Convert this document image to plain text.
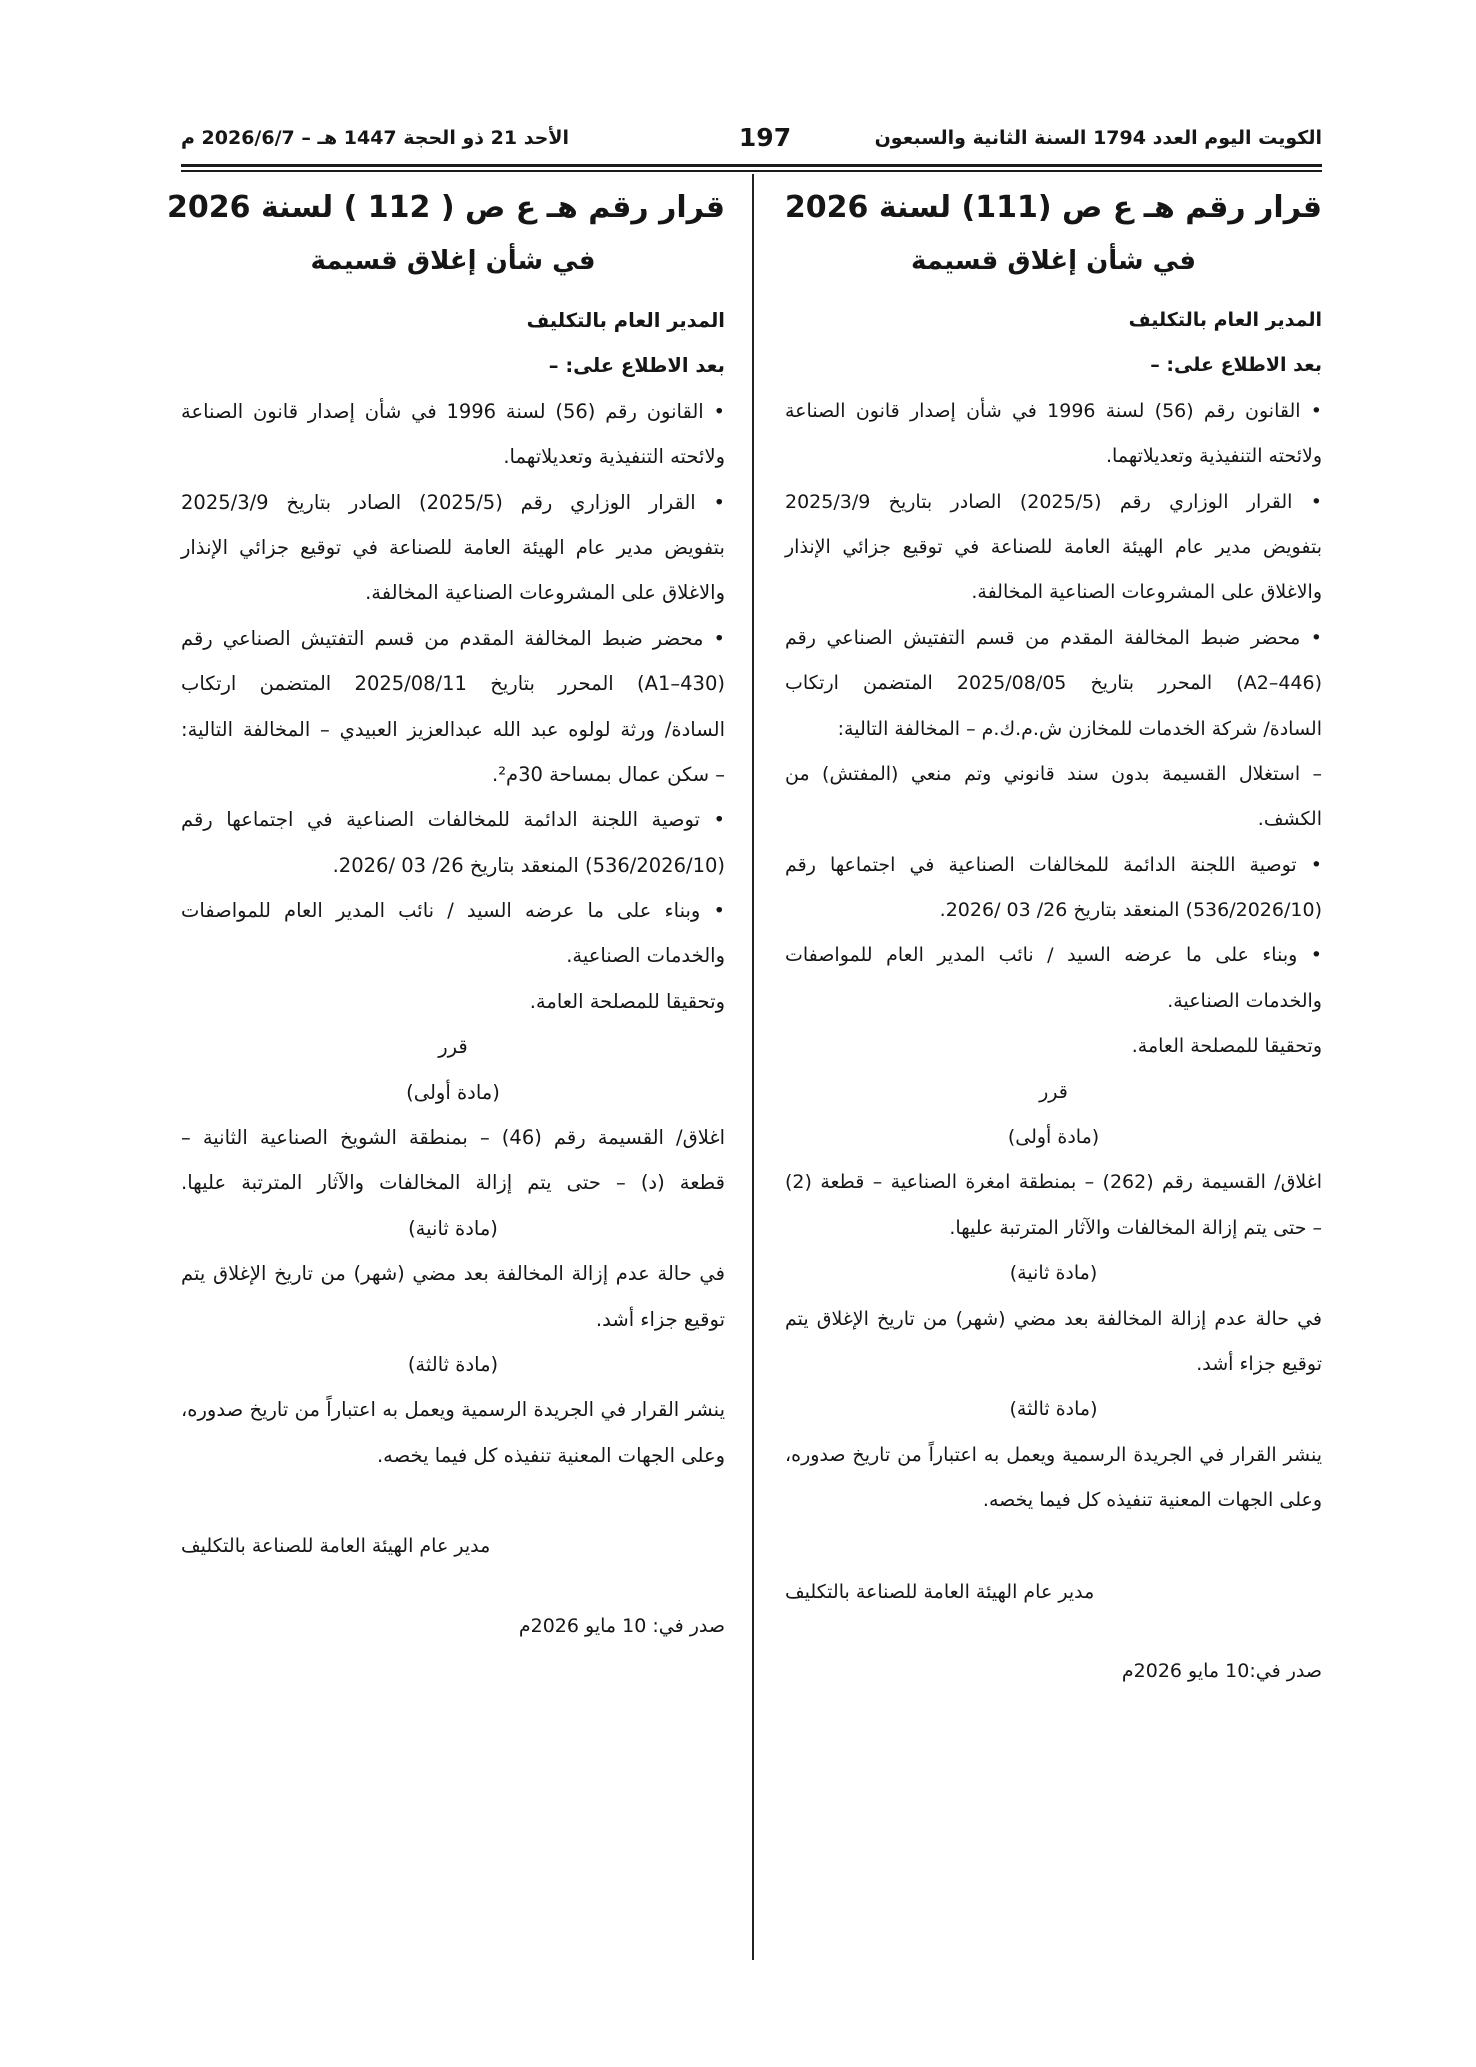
الكويت اليوم العدد 1794 السنة الثانية والسبعون
197
الأحد 21 ذو الحجة 1447 هـ – 2026/6/7 م
قرار رقم هـ ع ص (111) لسنة 2026
في شأن إغلاق قسيمة
المدير العام بالتكليف
بعد الاطلاع على: –
• القانون رقم (56) لسنة 1996 في شأن إصدار قانون الصناعة
ولائحته التنفيذية وتعديلاتهما.
• القرار الوزاري رقم (2025/5) الصادر بتاريخ 2025/3/9
بتفويض مدير عام الهيئة العامة للصناعة في توقيع جزائي الإنذار
والاغلاق على المشروعات الصناعية المخالفة.
• محضر ضبط المخالفة المقدم من قسم التفتيش الصناعي رقم
(A2–446) المحرر بتاريخ 2025/08/05 المتضمن ارتكاب
السادة/ شركة الخدمات للمخازن ش.م.ك.م – المخالفة التالية:
– استغلال القسيمة بدون سند قانوني وتم منعي (المفتش) من
الكشف.
• توصية اللجنة الدائمة للمخالفات الصناعية في اجتماعها رقم
(536/2026/10) المنعقد بتاريخ 26/ 03 /2026.
• وبناء على ما عرضه السيد / نائب المدير العام للمواصفات
والخدمات الصناعية.
وتحقيقا للمصلحة العامة.
قرر
(مادة أولى)
اغلاق/ القسيمة رقم (262) – بمنطقة امغرة الصناعية – قطعة (2)
– حتى يتم إزالة المخالفات والآثار المترتبة عليها.
(مادة ثانية)
في حالة عدم إزالة المخالفة بعد مضي (شهر) من تاريخ الإغلاق يتم
توقيع جزاء أشد.
(مادة ثالثة)
ينشر القرار في الجريدة الرسمية ويعمل به اعتباراً من تاريخ صدوره،
وعلى الجهات المعنية تنفيذه كل فيما يخصه.
مدير عام الهيئة العامة للصناعة بالتكليف
صدر في:10 مايو 2026م
قرار رقم هـ ع ص ( 112 ) لسنة 2026
في شأن إغلاق قسيمة
المدير العام بالتكليف
بعد الاطلاع على: –
• القانون رقم (56) لسنة 1996 في شأن إصدار قانون الصناعة
ولائحته التنفيذية وتعديلاتهما.
• القرار الوزاري رقم (2025/5) الصادر بتاريخ 2025/3/9
بتفويض مدير عام الهيئة العامة للصناعة في توقيع جزائي الإنذار
والاغلاق على المشروعات الصناعية المخالفة.
• محضر ضبط المخالفة المقدم من قسم التفتيش الصناعي رقم
(A1–430) المحرر بتاريخ 2025/08/11 المتضمن ارتكاب
السادة/ ورثة لولوه عبد الله عبدالعزيز العبيدي – المخالفة التالية:
– سكن عمال بمساحة 30م².
• توصية اللجنة الدائمة للمخالفات الصناعية في اجتماعها رقم
(536/2026/10) المنعقد بتاريخ 26/ 03 /2026.
• وبناء على ما عرضه السيد / نائب المدير العام للمواصفات
والخدمات الصناعية.
وتحقيقا للمصلحة العامة.
قرر
(مادة أولى)
اغلاق/ القسيمة رقم (46) – بمنطقة الشويخ الصناعية الثانية –
قطعة (د) – حتى يتم إزالة المخالفات والآثار المترتبة عليها.
(مادة ثانية)
في حالة عدم إزالة المخالفة بعد مضي (شهر) من تاريخ الإغلاق يتم
توقيع جزاء أشد.
(مادة ثالثة)
ينشر القرار في الجريدة الرسمية ويعمل به اعتباراً من تاريخ صدوره،
وعلى الجهات المعنية تنفيذه كل فيما يخصه.
مدير عام الهيئة العامة للصناعة بالتكليف
صدر في: 10 مايو 2026م
